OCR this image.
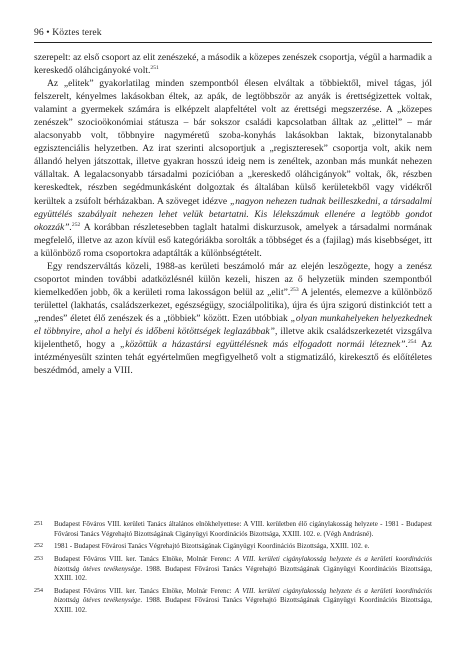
96 • Köztes terek

szerepelt: az első csoport az elit zenészeké, a második a közepes zenészek csoportja, végül a harmadik a kereskedő oláhcigányoké volt.$^{251}$

Az „elitek” gyakorlatilag minden szempontból élesen elváltak a többiektől, mivel tágas, jól felszerelt, kényelmes lakásokban éltek, az apák, de legtöbbször az anyák is érettségizettek voltak, valamint a gyermekek számára is elképzelt alapfeltétel volt az érettségi megszerzése. A „közepes zenészek” szocioökonómiai státusza – bár sokszor családi kapcsolatban álltak az „elittel” – már alacsonyabb volt, többnyire nagyméretű szoba-konyhás lakásokban laktak, bizonytalanabb egzisztenciális helyzetben. Az irat szerinti alcsoportjuk a „regiszteresek” csoportja volt, akik nem állandó helyen játszottak, illetve gyakran hosszú ideig nem is zenéltek, azonban más munkát nehezen vállaltak. A legalacsonyabb társadalmi pozícióban a „kereskedő oláhcigányok” voltak, ők, részben kereskedtek, részben segédmunkásként dolgoztak és általában külső kerületekből vagy vidékről kerültek a zsúfolt bérházakban. A szöveget idézve „nagyon nehezen tudnak beilleszkedni, a társadalmi együttélés szabályait nehezen lehet velük betartatni. Kis lélekszámuk ellenére a legtöbb gondot okozzák”.$^{252}$ A korábban részletesebben taglalt hatalmi diskurzusok, amelyek a társadalmi normának megfelelő, illetve az azon kívül eső kategóriákba sorolták a többséget és a (fajilag) más kisebbséget, itt a különböző roma csoportokra adaptálták a különbségtételt.

Egy rendszerváltás közeli, 1988-as kerületi beszámoló már az elején leszögezte, hogy a zenész csoportot minden további adatközlésnél külön kezeli, hiszen az ő helyzetük minden szempontból kiemelkedően jobb, ők a kerületi roma lakosságon belül az „elit”.$^{253}$ A jelentés, elemezve a különböző területtel (lakhatás, családszerkezet, egészségügy, szociálpolitika), újra és újra szigorú distinkciót tett a „rendes” életet élő zenészek és a „többiek” között. Ezen utóbbiak „olyan munkahelyeken helyezkednek el többnyire, ahol a helyi és időbeni kötöttségek leglazábbak”, illetve akik családszerkezetét vizsgálva kijelenthető, hogy a „közöttük a házastársi együttélésnek más elfogadott normái léteznek”.$^{254}$ Az intézményesült szinten tehát egyértelműen megfigyelhető volt a stigmatizáló, kirekesztő és előítéletes beszédmód, amely a VIII.

251	Budapest Főváros VIII. kerületi Tanács általános elnökhelyettese: A VIII. kerületben élő cigánylakosság helyzete - 1981 - Budapest Fővárosi Tanács Végrehajtó Bizottságának Cigányügyi Koordinációs Bizottsága, XXIII. 102. e. (Végh Andrásné).
252	1981 - Budapest Fővárosi Tanács Végrehajtó Bizottságának Cigányügyi Koordinációs Bizottsága, XXIII. 102. e.
253	Budapest Főváros VIII. ker. Tanács Elnöke, Molnár Ferenc: A VIII. kerületi cigánylakosság helyzete és a kerületi koordinációs bizottság ötéves tevékenysége. 1988. Budapest Fővárosi Tanács Végrehajtó Bizottságának Cigányügyi Koordinációs Bizottsága, XXIII. 102.
254	Budapest Főváros VIII. ker. Tanács Elnöke, Molnár Ferenc: A VIII. kerületi cigánylakosság helyzete és a kerületi koordinációs bizottság ötéves tevékenysége. 1988. Budapest Fővárosi Tanács Végrehajtó Bizottságának Cigányügyi Koordinációs Bizottsága, XXIII. 102.
